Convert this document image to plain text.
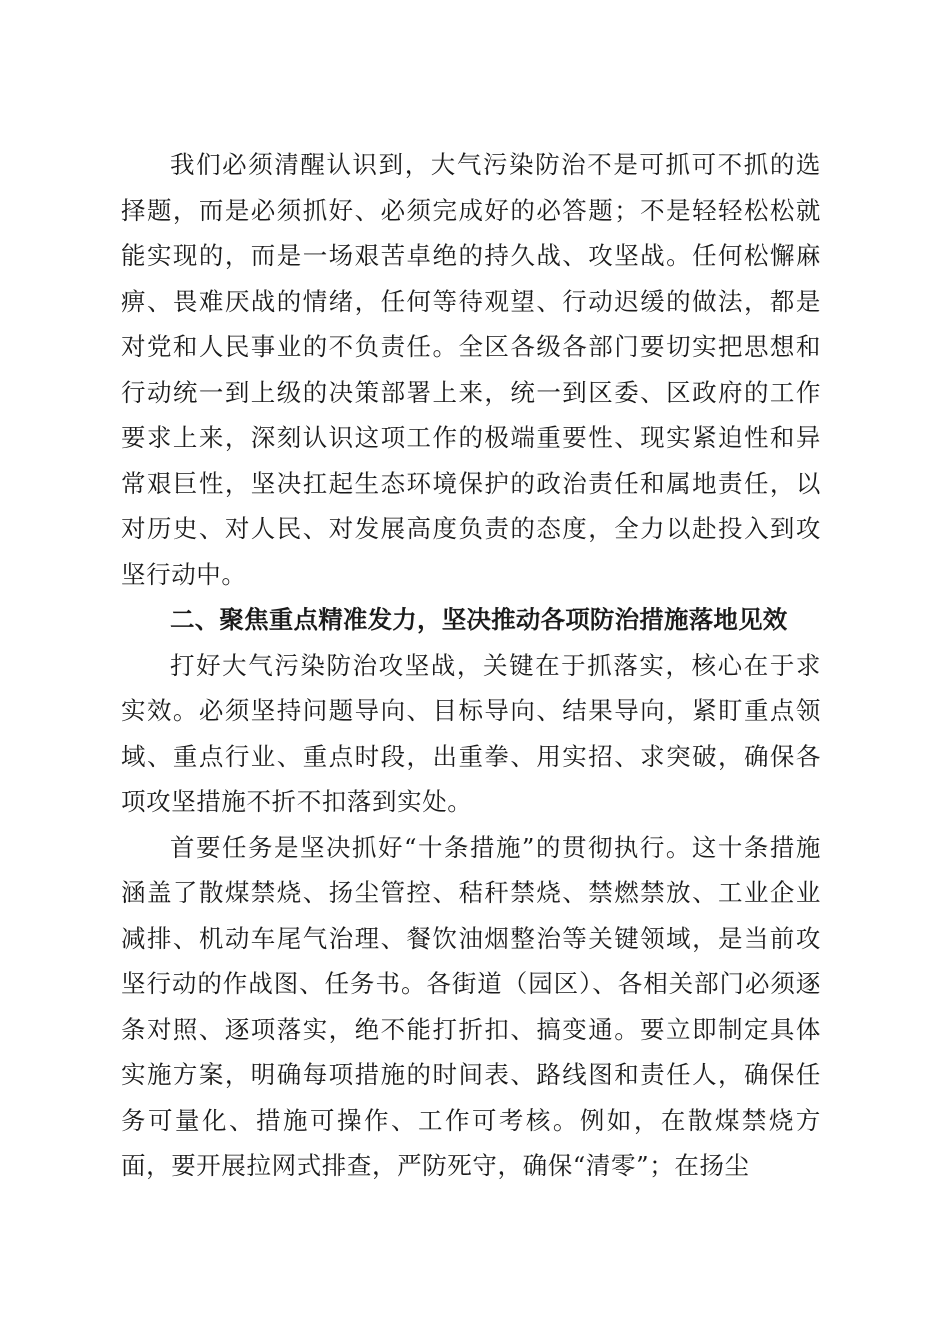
我们必须清醒认识到，大气污染防治不是可抓可不抓的选择题，而是必须抓好、必须完成好的必答题；不是轻轻松松就能实现的，而是一场艰苦卓绝的持久战、攻坚战。任何松懈麻痹、畏难厌战的情绪，任何等待观望、行动迟缓的做法，都是对党和人民事业的不负责任。全区各级各部门要切实把思想和行动统一到上级的决策部署上来，统一到区委、区政府的工作要求上来，深刻认识这项工作的极端重要性、现实紧迫性和异常艰巨性，坚决扛起生态环境保护的政治责任和属地责任，以对历史、对人民、对发展高度负责的态度，全力以赴投入到攻坚行动中。

二、聚焦重点精准发力，坚决推动各项防治措施落地见效

打好大气污染防治攻坚战，关键在于抓落实，核心在于求实效。必须坚持问题导向、目标导向、结果导向，紧盯重点领域、重点行业、重点时段，出重拳、用实招、求突破，确保各项攻坚措施不折不扣落到实处。

首要任务是坚决抓好“十条措施”的贯彻执行。这十条措施涵盖了散煤禁烧、扬尘管控、秸秆禁烧、禁燃禁放、工业企业减排、机动车尾气治理、餐饮油烟整治等关键领域，是当前攻坚行动的作战图、任务书。各街道（园区）、各相关部门必须逐条对照、逐项落实，绝不能打折扣、搞变通。要立即制定具体实施方案，明确每项措施的时间表、路线图和责任人，确保任务可量化、措施可操作、工作可考核。例如，在散煤禁烧方面，要开展拉网式排查，严防死守，确保“清零”；在扬尘
